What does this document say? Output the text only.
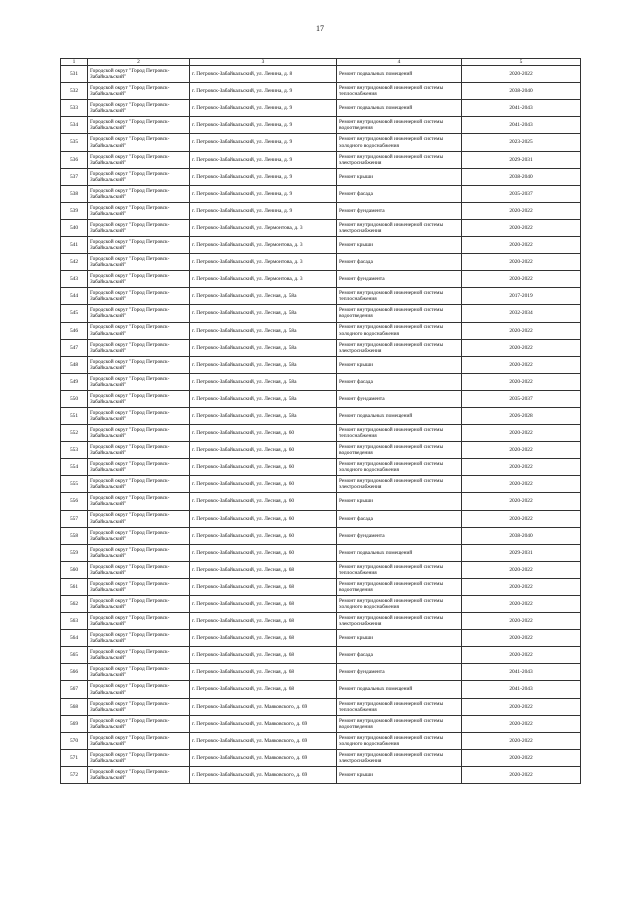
17
1	2	3	4	5
531	Городской округ "Город Петровск-Забайкальский"	г. Петровск-Забайкальский, ул. Ленина, д. 8	Ремонт подвальных помещений	2020-2022
532	Городской округ "Город Петровск-Забайкальский"	г. Петровск-Забайкальский, ул. Ленина, д. 9	Ремонт внутридомовой инженерной системы теплоснабжения	2038-2040
533	Городской округ "Город Петровск-Забайкальский"	г. Петровск-Забайкальский, ул. Ленина, д. 9	Ремонт подвальных помещений	2041-2043
534	Городской округ "Город Петровск-Забайкальский"	г. Петровск-Забайкальский, ул. Ленина, д. 9	Ремонт внутридомовой инженерной системы водоотведения	2041-2043
535	Городской округ "Город Петровск-Забайкальский"	г. Петровск-Забайкальский, ул. Ленина, д. 9	Ремонт внутридомовой инженерной системы холодного водоснабжения	2023-2025
536	Городской округ "Город Петровск-Забайкальский"	г. Петровск-Забайкальский, ул. Ленина, д. 9	Ремонт внутридомовой инженерной системы электроснабжения	2029-2031
537	Городской округ "Город Петровск-Забайкальский"	г. Петровск-Забайкальский, ул. Ленина, д. 9	Ремонт крыши	2038-2040
538	Городской округ "Город Петровск-Забайкальский"	г. Петровск-Забайкальский, ул. Ленина, д. 9	Ремонт фасада	2035-2037
539	Городской округ "Город Петровск-Забайкальский"	г. Петровск-Забайкальский, ул. Ленина, д. 9	Ремонт фундамента	2020-2022
540	Городской округ "Город Петровск-Забайкальский"	г. Петровск-Забайкальский, ул. Лермонтова, д. 3	Ремонт внутридомовой инженерной системы электроснабжения	2020-2022
541	Городской округ "Город Петровск-Забайкальский"	г. Петровск-Забайкальский, ул. Лермонтова, д. 3	Ремонт крыши	2020-2022
542	Городской округ "Город Петровск-Забайкальский"	г. Петровск-Забайкальский, ул. Лермонтова, д. 3	Ремонт фасада	2020-2022
543	Городской округ "Город Петровск-Забайкальский"	г. Петровск-Забайкальский, ул. Лермонтова, д. 3	Ремонт фундамента	2020-2022
544	Городской округ "Город Петровск-Забайкальский"	г. Петровск-Забайкальский, ул. Лесная, д. 58а	Ремонт внутридомовой инженерной системы теплоснабжения	2017-2019
545	Городской округ "Город Петровск-Забайкальский"	г. Петровск-Забайкальский, ул. Лесная, д. 58а	Ремонт внутридомовой инженерной системы водоотведения	2032-2034
546	Городской округ "Город Петровск-Забайкальский"	г. Петровск-Забайкальский, ул. Лесная, д. 58а	Ремонт внутридомовой инженерной системы холодного водоснабжения	2020-2022
547	Городской округ "Город Петровск-Забайкальский"	г. Петровск-Забайкальский, ул. Лесная, д. 58а	Ремонт внутридомовой инженерной системы электроснабжения	2020-2022
548	Городской округ "Город Петровск-Забайкальский"	г. Петровск-Забайкальский, ул. Лесная, д. 58а	Ремонт крыши	2020-2022
549	Городской округ "Город Петровск-Забайкальский"	г. Петровск-Забайкальский, ул. Лесная, д. 58а	Ремонт фасада	2020-2022
550	Городской округ "Город Петровск-Забайкальский"	г. Петровск-Забайкальский, ул. Лесная, д. 58а	Ремонт фундамента	2035-2037
551	Городской округ "Город Петровск-Забайкальский"	г. Петровск-Забайкальский, ул. Лесная, д. 58а	Ремонт подвальных помещений	2026-2028
552	Городской округ "Город Петровск-Забайкальский"	г. Петровск-Забайкальский, ул. Лесная, д. 60	Ремонт внутридомовой инженерной системы теплоснабжения	2020-2022
553	Городской округ "Город Петровск-Забайкальский"	г. Петровск-Забайкальский, ул. Лесная, д. 60	Ремонт внутридомовой инженерной системы водоотведения	2020-2022
554	Городской округ "Город Петровск-Забайкальский"	г. Петровск-Забайкальский, ул. Лесная, д. 60	Ремонт внутридомовой инженерной системы холодного водоснабжения	2020-2022
555	Городской округ "Город Петровск-Забайкальский"	г. Петровск-Забайкальский, ул. Лесная, д. 60	Ремонт внутридомовой инженерной системы электроснабжения	2020-2022
556	Городской округ "Город Петровск-Забайкальский"	г. Петровск-Забайкальский, ул. Лесная, д. 60	Ремонт крыши	2020-2022
557	Городской округ "Город Петровск-Забайкальский"	г. Петровск-Забайкальский, ул. Лесная, д. 60	Ремонт фасада	2020-2022
558	Городской округ "Город Петровск-Забайкальский"	г. Петровск-Забайкальский, ул. Лесная, д. 60	Ремонт фундамента	2038-2040
559	Городской округ "Город Петровск-Забайкальский"	г. Петровск-Забайкальский, ул. Лесная, д. 60	Ремонт подвальных помещений	2029-2031
560	Городской округ "Город Петровск-Забайкальский"	г. Петровск-Забайкальский, ул. Лесная, д. 68	Ремонт внутридомовой инженерной системы теплоснабжения	2020-2022
561	Городской округ "Город Петровск-Забайкальский"	г. Петровск-Забайкальский, ул. Лесная, д. 68	Ремонт внутридомовой инженерной системы водоотведения	2020-2022
562	Городской округ "Город Петровск-Забайкальский"	г. Петровск-Забайкальский, ул. Лесная, д. 68	Ремонт внутридомовой инженерной системы холодного водоснабжения	2020-2022
563	Городской округ "Город Петровск-Забайкальский"	г. Петровск-Забайкальский, ул. Лесная, д. 68	Ремонт внутридомовой инженерной системы электроснабжения	2020-2022
564	Городской округ "Город Петровск-Забайкальский"	г. Петровск-Забайкальский, ул. Лесная, д. 68	Ремонт крыши	2020-2022
565	Городской округ "Город Петровск-Забайкальский"	г. Петровск-Забайкальский, ул. Лесная, д. 68	Ремонт фасада	2020-2022
566	Городской округ "Город Петровск-Забайкальский"	г. Петровск-Забайкальский, ул. Лесная, д. 68	Ремонт фундамента	2041-2043
567	Городской округ "Город Петровск-Забайкальский"	г. Петровск-Забайкальский, ул. Лесная, д. 68	Ремонт подвальных помещений	2041-2043
568	Городской округ "Город Петровск-Забайкальский"	г. Петровск-Забайкальский, ул. Маяковского, д. 69	Ремонт внутридомовой инженерной системы теплоснабжения	2020-2022
569	Городской округ "Город Петровск-Забайкальский"	г. Петровск-Забайкальский, ул. Маяковского, д. 69	Ремонт внутридомовой инженерной системы водоотведения	2020-2022
570	Городской округ "Город Петровск-Забайкальский"	г. Петровск-Забайкальский, ул. Маяковского, д. 69	Ремонт внутридомовой инженерной системы холодного водоснабжения	2020-2022
571	Городской округ "Город Петровск-Забайкальский"	г. Петровск-Забайкальский, ул. Маяковского, д. 69	Ремонт внутридомовой инженерной системы электроснабжения	2020-2022
572	Городской округ "Город Петровск-Забайкальский"	г. Петровск-Забайкальский, ул. Маяковского, д. 69	Ремонт крыши	2020-2022
